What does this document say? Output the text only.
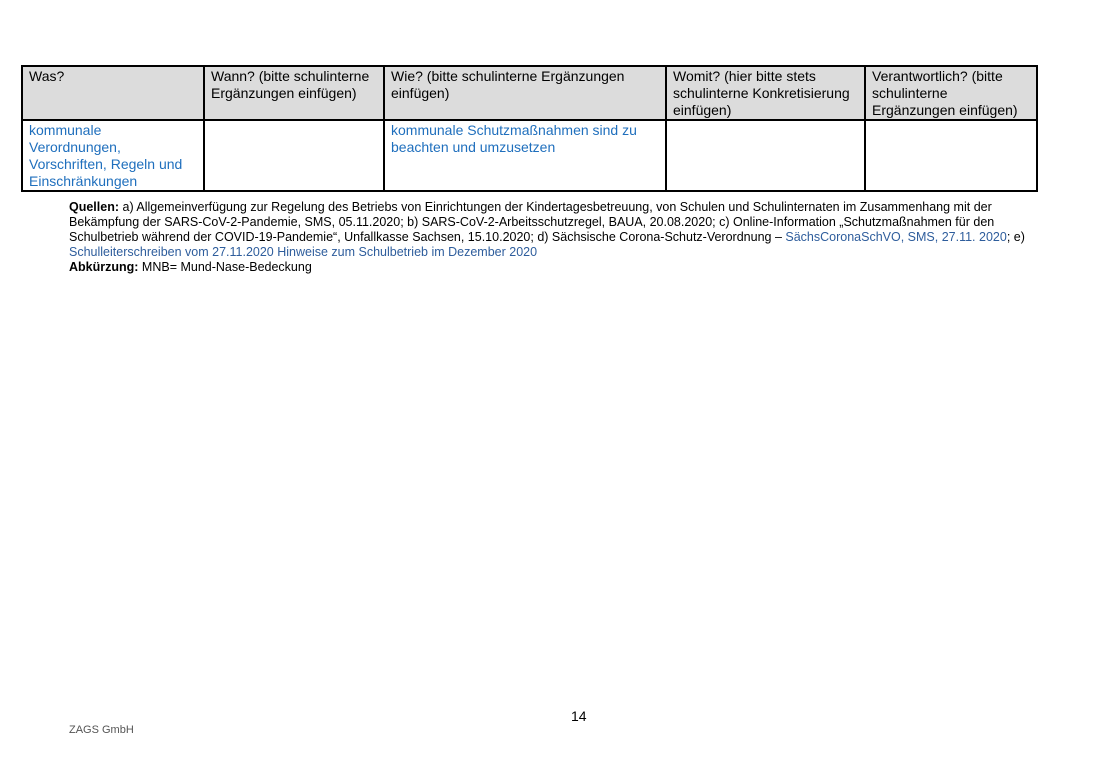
Was?	Wann? (bitte schulinterne Ergänzungen einfügen)	Wie? (bitte schulinterne Ergänzungen einfügen)	Womit? (hier bitte stets schulinterne Konkretisierung einfügen)	Verantwortlich? (bitte schulinterne Ergänzungen einfügen)
kommunale Verordnungen, Vorschriften, Regeln und Einschränkungen		kommunale Schutzmaßnahmen sind zu beachten und umzusetzen		
Quellen: a) Allgemeinverfügung zur Regelung des Betriebs von Einrichtungen der Kindertagesbetreuung, von Schulen und Schulinternaten im Zusammenhang mit der Bekämpfung der SARS-CoV-2-Pandemie, SMS, 05.11.2020; b) SARS-CoV-2-Arbeitsschutzregel, BAUA, 20.08.2020; c) Online-Information „Schutzmaßnahmen für den Schulbetrieb während der COVID-19-Pandemie“, Unfallkasse Sachsen, 15.10.2020; d) Sächsische Corona-Schutz-Verordnung – SächsCoronaSchVO, SMS, 27.11. 2020; e) Schulleiterschreiben vom 27.11.2020 Hinweise zum Schulbetrieb im Dezember 2020
Abkürzung: MNB= Mund-Nase-Bedeckung
14
ZAGS GmbH
